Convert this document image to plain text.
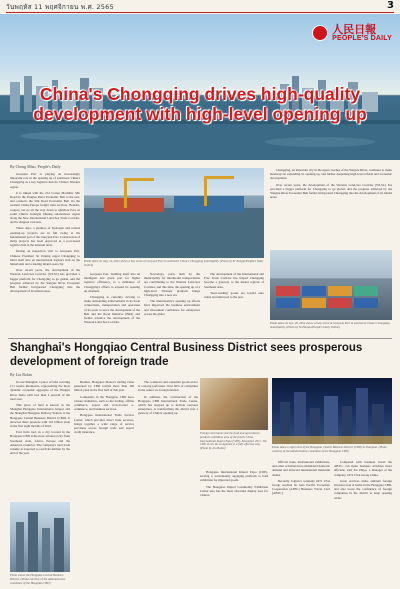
วันพฤหัส 11 พฤศจิกายน พ.ศ. 2565	3
人民日報
PEOPLE'S DAILY
China's Chongqing drives high-quality development with high-level opening up
By Cheng Miao, People's Daily

Guoyuan Port is playing an increasingly important role in the opening up of southwest China's Chongqing as a key logistics hub for China's Western region.

It is linked with the 214 Corner Maritime Silk Road by the Yangtze River Economic Belt to the east, and connects the Silk Road Economic Belt via the western China-Europe freight train services. Besides, cargoes can go all the way down to Qinzhou Port, in south China's Guangxi Zhuang autonomous region along the New International Land-Sea Trade Corridor, and be shipped overseas.

These days, a plethora of hydrogen and related opening-up projects are in full swing at the fundamental part of the Guoyuan Port. Construction of many projects has been approved as a port-based logistics hub at the national level.

During an inspection visit to Guoyuan Port, Chinese President Xi Jinping urged Chongqing to build itself into an international logistics hub on the hinterlands and a leading inland open city.

Over recent years, the development of the Western Land-Sea Corridor (WLSC) has provided a bigger platform for Chongqing to go global, and the progress achieved by the Yangtze River Economic Belt further invigorated Chongqing into the development of its inland areas.

Photo taken on Aug. 24, 2022 shows a bay scene of Guoyuan Port in southwest China's Chongqing municipality. (Photo by Xi Jiangqi/People's Daily Online)

Guoyuan Port, building itself into an intelligent and green port for higher logistics efficiency, is a miniature of Chongqing's efforts to expand its opening up channels.

Chongqing is currently striving to make outstanding achievements in its trade connections, transportation and operation of its ports to serve the development of the Belt and the Road Initiative (BRI), and further advance the development of the Western Land-Sea Corridor.

Nowadays, ports built by the municipality for intermodal transportation are contributing to the Western Land-Sea Corridor, and this time, the opening up of a high-level 'Western' platform brings Chongqing into a new era.

The municipality's opening up efforts have improved the business environment and investment confidence for enterprises across the globe.

The development of the International and Free Trade Corridor has helped Chongqing become a gateway to the inland regions of Southeast Asia.

'Steel-loading' goods are loaded onto trains and delivered to the port.

Chongqing, an important city in the upper reaches of the Yangtze River, continues to make headways in expanding its opening up, and further deepening high-level reform and economic development.

Over recent years, the development of the Western Land-Sea Corridor (WLSC) has provided a bigger platform for Chongqing to go global, and the progress achieved by the Yangtze River Economic Belt further invigorated Chongqing into the development of its inland areas.

Photo taken on Sep. 28, 2022 shows a busy scene at Guoyuan Port in southwest China's Chongqing municipality. (Photo by Xi Zhiqiao/People's Daily Online)
Shanghai's Hongqiao Central Business District sees prosperous development of foreign trade
By Liu Bolan

In east Shanghai, a piece of land covering 151 square kilometers, representing the most dynamic economic aggregate of the Yangtze River Delta with less than 4 percent of the total area.

This piece of land is known as the Shanghai Hongqiao International Airport and the Shanghai Hongqiao Railway Station, is the Hongqiao Central Business District (CBD). It attracted mass pressure with 110 billion yuan in the first eight months of 2022.

Ever hubs tied, in a city located in the Hongqiao CBD is the most advanced city from Southeast Asia, Africa, Europe and the Americas countries. The company's total trade volume is expected to reach $2 million by the end of the year.

Besides, Hongqiao Manor's trading value generated by CBD totaled more than 100 billion yuan in the first half of this year.

Companies in the Hongqiao CBD have various industries, such as the trading, offline commerce, export and cross-border e-commerce, and business services.

Hongqiao International Trade Service Center, which provides direct trade services, brings together a wide range of service providers across foreign trade and export credit insurance.

The cosmetics and consumer goods sector is a strong performer. Over 60% of companies in the center are foreign-funded.

In addition, the construction of the Hongqiao CBD International Trade Centre, which has stepped up to include overseas enterprises, is transforming the district into a gateway of China's opening up.

Foreign merchants visit the food and agricultural products exhibition area of the fourth China International Import Expo (CIIE), November 2021. The CIIE serves the companies in a fully effective way. (Photo by Liu Bolan)

Hongqiao International Import Expo (CIIE), serving a conveniently engaging platform to hold exhibition for imported goods.

The Hongqiao Import Commodity Exhibition Center also has the most all-round display area for visitors.

Photo taken a night view of the Hongqiao Central Business District (CBD) in Shanghai. (Photo courtesy of the administrative committee of the Hongqiao CBD)

Official trade, international exhibitions, and other activities have stimulated domestic demand and attracted international industrial chains.

Recently, logistics company OCS USA Group reached its Asia Pacific Economic Cooperation (APEC) Business Travel Card (ABTC).

Compared with business travel the ABTC, can make business activities more efficient, said Xu Zhiyu, a manager at the company. OCS USA Group China.

Great services make ambient foreign investors feel at home in the Hongqiao CBD, and also boost the confidence of foreign companies in the district to keep opening wider.

Photo shows the Hongqiao Central Business District. (Photo courtesy of the administrative committee of the Hongqiao CBD)
